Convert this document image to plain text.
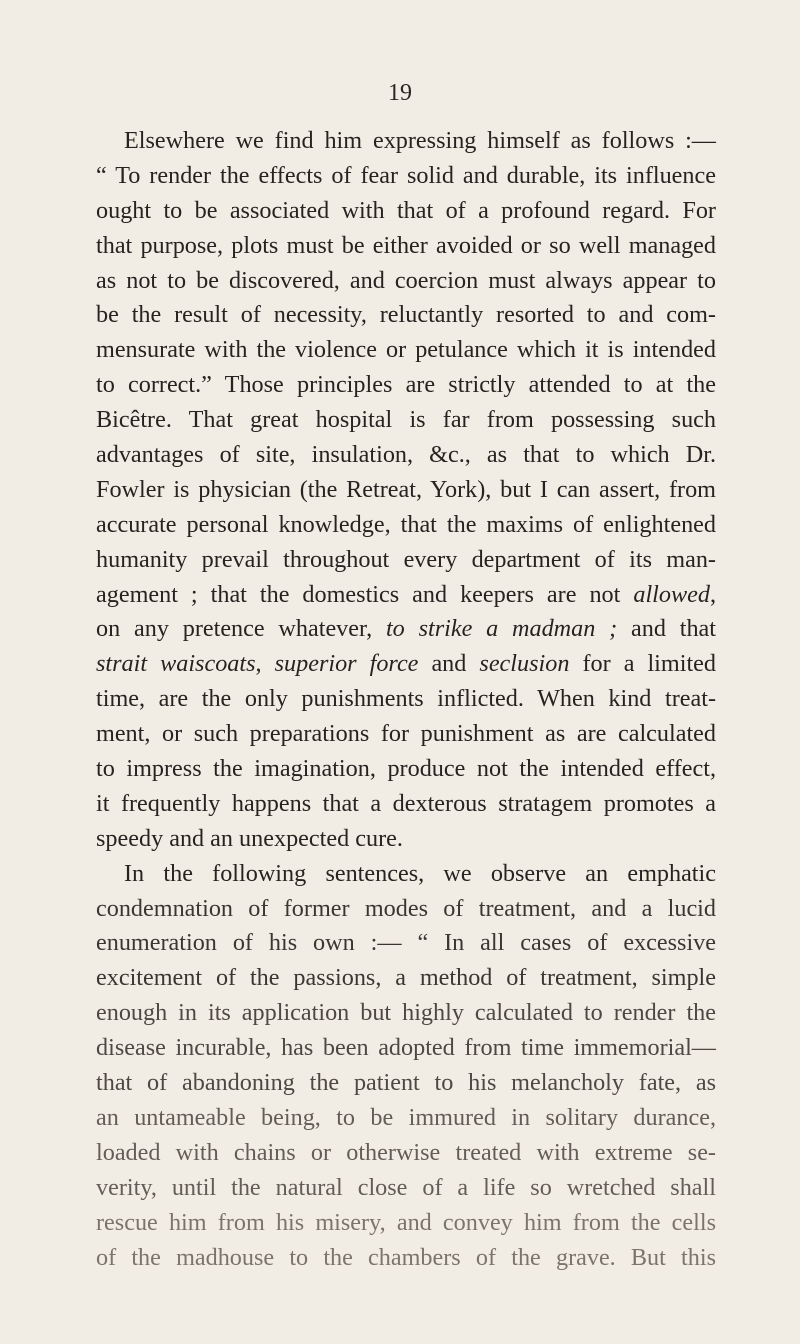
19
Elsewhere we find him expressing himself as follows :—
“ To render the effects of fear solid and durable, its influence
ought to be associated with that of a profound regard. For
that purpose, plots must be either avoided or so well managed
as not to be discovered, and coercion must always appear to
be the result of necessity, reluctantly resorted to and com-
mensurate with the violence or petulance which it is intended
to correct.” Those principles are strictly attended to at the
Bicêtre. That great hospital is far from possessing such
advantages of site, insulation, &c., as that to which Dr.
Fowler is physician (the Retreat, York), but I can assert, from
accurate personal knowledge, that the maxims of enlightened
humanity prevail throughout every department of its man-
agement ; that the domestics and keepers are not allowed,
on any pretence whatever, to strike a madman ; and that
strait waiscoats, superior force and seclusion for a limited
time, are the only punishments inflicted. When kind treat-
ment, or such preparations for punishment as are calculated
to impress the imagination, produce not the intended effect,
it frequently happens that a dexterous stratagem promotes a
speedy and an unexpected cure.
In the following sentences, we observe an emphatic
condemnation of former modes of treatment, and a lucid
enumeration of his own :— “ In all cases of excessive
excitement of the passions, a method of treatment, simple
enough in its application but highly calculated to render the
disease incurable, has been adopted from time immemorial—
that of abandoning the patient to his melancholy fate, as
an untameable being, to be immured in solitary durance,
loaded with chains or otherwise treated with extreme se-
verity, until the natural close of a life so wretched shall
rescue him from his misery, and convey him from the cells
of the madhouse to the chambers of the grave. But this
